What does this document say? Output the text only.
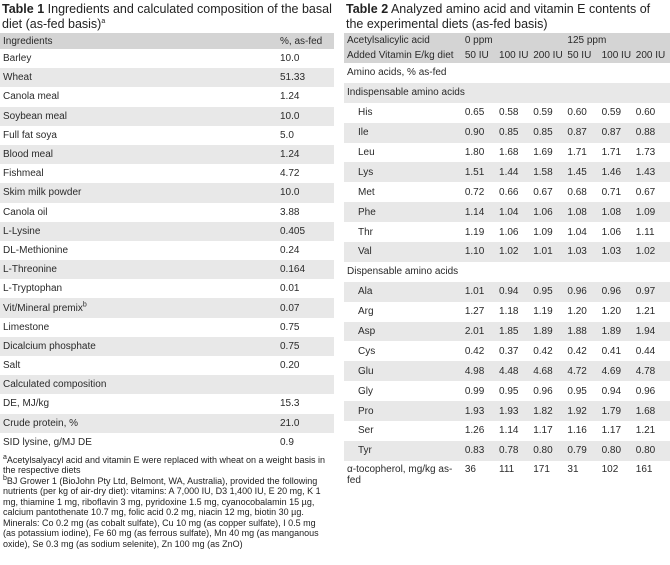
Table 1 Ingredients and calculated composition of the basal diet (as-fed basis)$^a$
Ingredients	%, as-fed
Barley	10.0
Wheat	51.33
Canola meal	1.24
Soybean meal	10.0
Full fat soya	5.0
Blood meal	1.24
Fishmeal	4.72
Skim milk powder	10.0
Canola oil	3.88
L-Lysine	0.405
DL-Methionine	0.24
L-Threonine	0.164
L-Tryptophan	0.01
Vit/Mineral premix$^b$	0.07
Limestone	0.75
Dicalcium phosphate	0.75
Salt	0.20
Calculated composition	
DE, MJ/kg	15.3
Crude protein, %	21.0
SID lysine, g/MJ DE	0.9
$^a$Acetylsalyacyl acid and vitamin E were replaced with wheat on a weight basis in the respective diets
$^b$BJ Grower 1 (BioJohn Pty Ltd, Belmont, WA, Australia), provided the following nutrients (per kg of air-dry diet): vitamins: A 7,000 IU, D3 1,400 IU, E 20 mg, K 1 mg, thiamine 1 mg, riboflavin 3 mg, pyridoxine 1.5 mg, cyanocobalamin 15 µg, calcium pantothenate 10.7 mg, folic acid 0.2 mg, niacin 12 mg, biotin 30 µg. Minerals: Co 0.2 mg (as cobalt sulfate), Cu 10 mg (as copper sulfate), I 0.5 mg (as potassium iodine), Fe 60 mg (as ferrous sulfate), Mn 40 mg (as manganous oxide), Se 0.3 mg (as sodium selenite), Zn 100 mg (as ZnO)
Table 2 Analyzed amino acid and vitamin E contents of the experimental diets (as-fed basis)
Acetylsalicylic acid	0 ppm			125 ppm		
Added Vitamin E/kg diet	50 IU	100 IU	200 IU	50 IU	100 IU	200 IU
Amino acids, % as-fed						
Indispensable amino acids						
His	0.65	0.58	0.59	0.60	0.59	0.60
Ile	0.90	0.85	0.85	0.87	0.87	0.88
Leu	1.80	1.68	1.69	1.71	1.71	1.73
Lys	1.51	1.44	1.58	1.45	1.46	1.43
Met	0.72	0.66	0.67	0.68	0.71	0.67
Phe	1.14	1.04	1.06	1.08	1.08	1.09
Thr	1.19	1.06	1.09	1.04	1.06	1.11
Val	1.10	1.02	1.01	1.03	1.03	1.02
Dispensable amino acids						
Ala	1.01	0.94	0.95	0.96	0.96	0.97
Arg	1.27	1.18	1.19	1.20	1.20	1.21
Asp	2.01	1.85	1.89	1.88	1.89	1.94
Cys	0.42	0.37	0.42	0.42	0.41	0.44
Glu	4.98	4.48	4.68	4.72	4.69	4.78
Gly	0.99	0.95	0.96	0.95	0.94	0.96
Pro	1.93	1.93	1.82	1.92	1.79	1.68
Ser	1.26	1.14	1.17	1.16	1.17	1.21
Tyr	0.83	0.78	0.80	0.79	0.80	0.80
α-tocopherol, mg/kg as-fed	36	111	171	31	102	161
